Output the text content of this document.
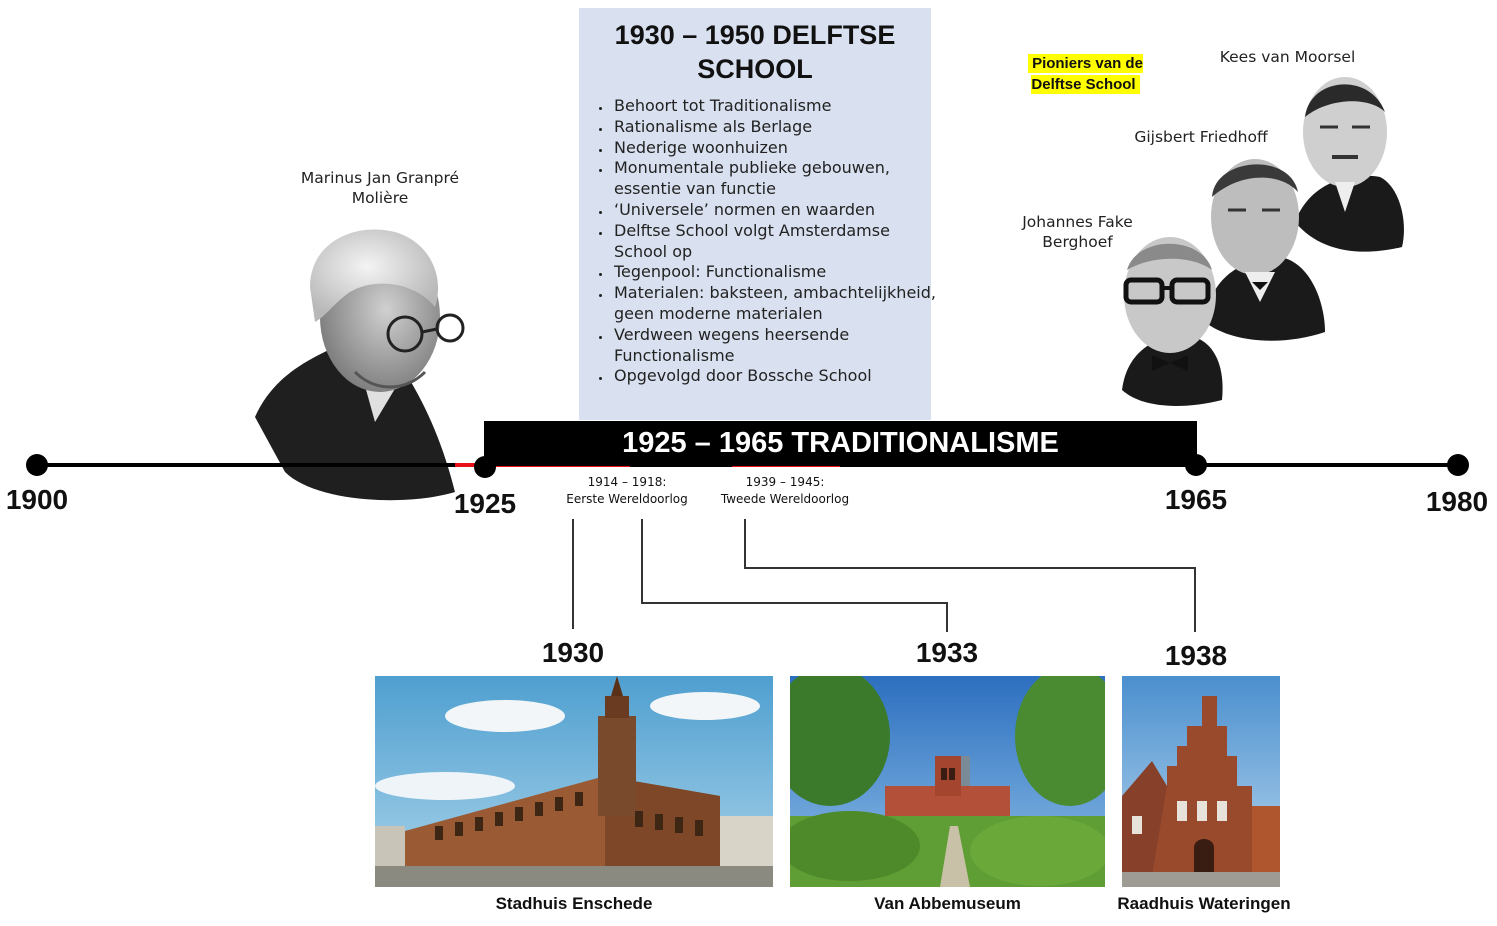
1930 – 1950 DELFTSE SCHOOL
• Behoort tot Traditionalisme
• Rationalisme als Berlage
• Nederige woonhuizen
• Monumentale publieke gebouwen, essentie van functie
• ‘Universele’ normen en waarden
• Delftse School volgt Amsterdamse School op
• Tegenpool: Functionalisme
• Materialen: baksteen, ambachtelijkheid, geen moderne materialen
• Verdween wegens heersende Functionalisme
• Opgevolgd door Bossche School
Marinus Jan Granpré Molière
Pioniers van de Delftse School
Johannes Fake Berghoef
Gijsbert Friedhoff
Kees van Moorsel
1925 – 1965 TRADITIONALISME
1900	1925	1965	1980
1914 – 1918:
Eerste Wereldoorlog
1939 – 1945:
Tweede Wereldoorlog
1930	1933	1938
Stadhuis Enschede	Van Abbemuseum	Raadhuis Wateringen
